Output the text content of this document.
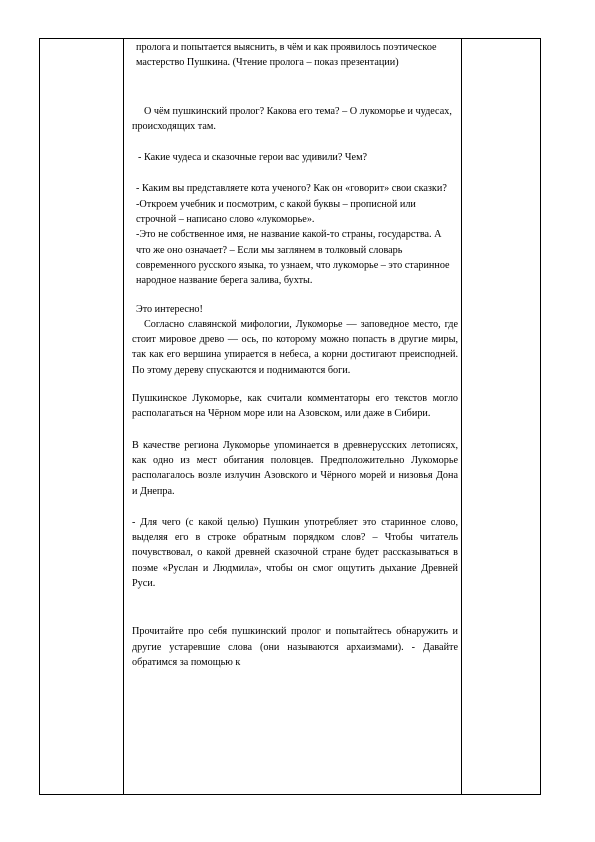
пролога и попытается выяснить, в чём и как проявилось поэтическое мастерство Пушкина. (Чтение пролога – показ презентации)

О чём пушкинский пролог? Какова его тема? – О лукоморье и чудесах, происходящих там.

- Какие чудеса и сказочные герои вас удивили? Чем?

- Каким вы представляете кота ученого? Как он «говорит» свои сказки?

-Откроем учебник и посмотрим, с какой буквы – прописной или строчной – написано слово «лукоморье».

-Это не собственное имя, не название какой-то страны, государства. А что же оно означает? – Если мы заглянем в толковый словарь современного русского языка, то узнаем, что лукоморье – это старинное народное название берега залива, бухты.

Это интересно!

Согласно славянской мифологии, Лукоморье — заповедное место, где стоит мировое древо — ось, по которому можно попасть в другие миры, так как его вершина упирается в небеса, а корни достигают преисподней. По этому дереву спускаются и поднимаются боги.

Пушкинское Лукоморье, как считали комментаторы его текстов могло располагаться на Чёрном море или на Азовском, или даже в Сибири.

В качестве региона Лукоморье упоминается в древнерусских летописях, как одно из мест обитания половцев. Предположительно Лукоморье располагалось возле излучин Азовского и Чёрного морей и низовья Дона и Днепра.

- Для чего (с какой целью) Пушкин употребляет это старинное слово, выделяя его в строке обратным порядком слов? – Чтобы читатель почувствовал, о какой древней сказочной стране будет рассказываться в поэме «Руслан и Людмила», чтобы он смог ощутить дыхание Древней Руси.

Прочитайте про себя пушкинский пролог и попытайтесь обнаружить и другие устаревшие слова (они называются архаизмами). - Давайте обратимся за помощью к
